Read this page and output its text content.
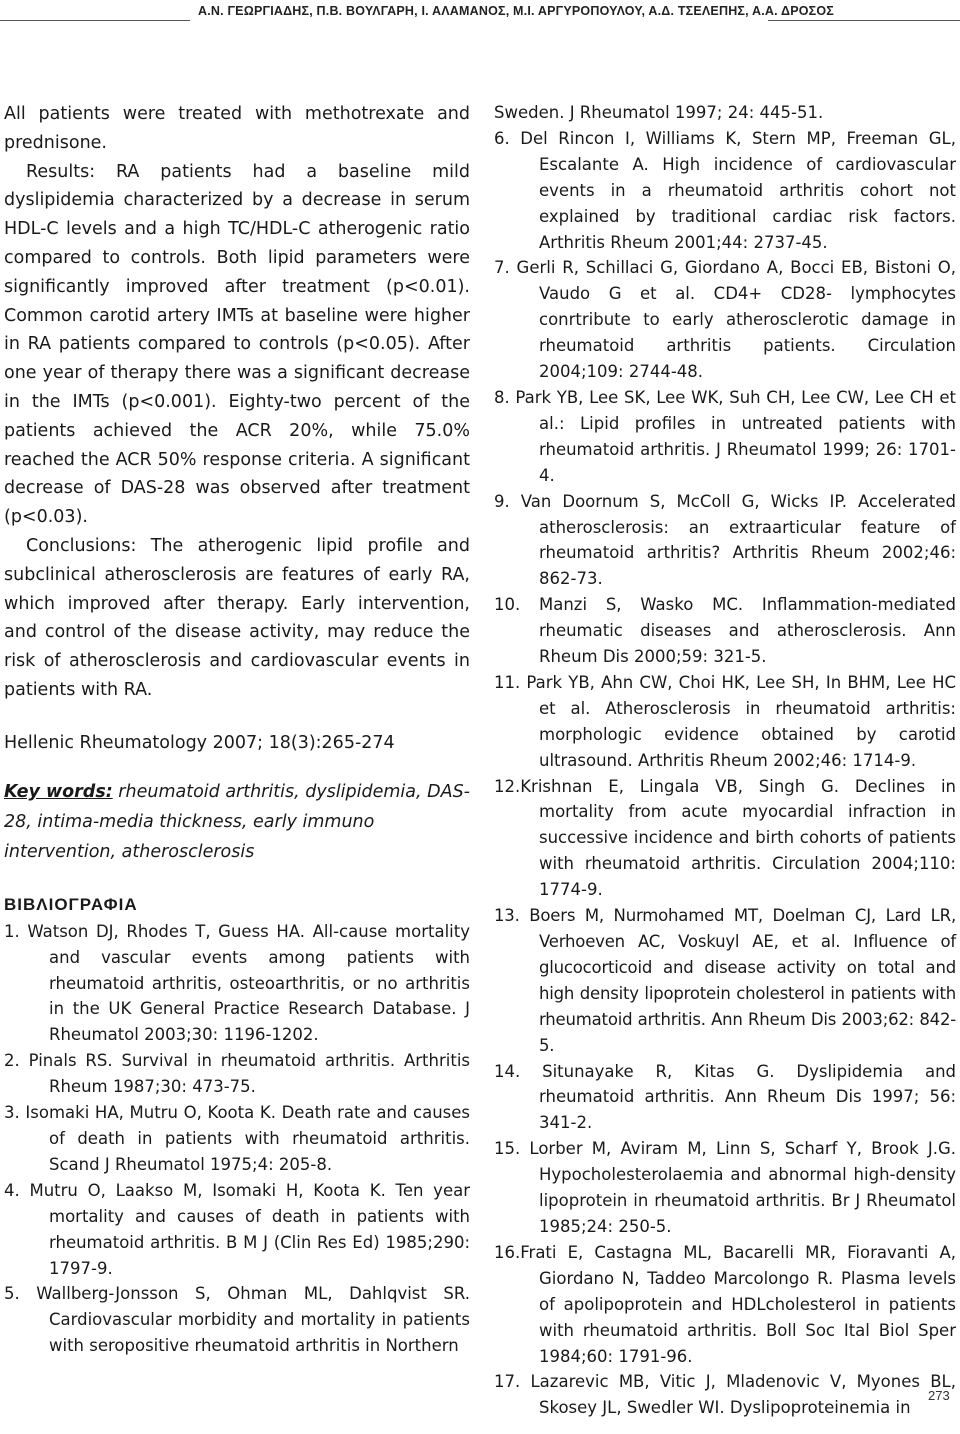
Α.Ν. ΓΕΩΡΓΙΑΔΗΣ, Π.Β. ΒΟΥΛΓΑΡΗ, Ι. ΑΛΑΜΑΝΟΣ, Μ.Ι. ΑΡΓΥΡΟΠΟΥΛΟΥ, Α.Δ. ΤΣΕΛΕΠΗΣ, Α.Α. ΔΡΟΣΟΣ

All patients were treated with methotrexate and prednisone.

Results: RA patients had a baseline mild dyslipidemia characterized by a decrease in serum HDL-C levels and a high TC/HDL-C atherogenic ratio compared to controls. Both lipid parameters were significantly improved after treatment (p<0.01). Common carotid artery IMTs at baseline were higher in RA patients compared to controls (p<0.05). After one year of therapy there was a significant decrease in the IMTs (p<0.001). Eighty-two percent of the patients achieved the ACR 20%, while 75.0% reached the ACR 50% response criteria. A significant decrease of DAS-28 was observed after treatment (p<0.03).

Conclusions: The atherogenic lipid profile and subclinical atherosclerosis are features of early RA, which improved after therapy. Early intervention, and control of the disease activity, may reduce the risk of atherosclerosis and cardiovascular events in patients with RA.

Hellenic Rheumatology 2007; 18(3):265-274
Key words: rheumatoid arthritis, dyslipidemia, DAS-28, intima-media thickness, early immuno intervention, atherosclerosis
ΒΙΒΛΙΟΓΡΑΦΙΑ
1. Watson DJ, Rhodes T, Guess HA. All-cause mortality and vascular events among patients with rheumatoid arthritis, osteoarthritis, or no arthritis in the UK General Practice Research Database. J Rheumatol 2003;30: 1196-1202.
2. Pinals RS. Survival in rheumatoid arthritis. Arthritis Rheum 1987;30: 473-75.
3. Isomaki HA, Mutru O, Koota K. Death rate and causes of death in patients with rheumatoid arthritis. Scand J Rheumatol 1975;4: 205-8.
4. Mutru O, Laakso M, Isomaki H, Koota K. Ten year mortality and causes of death in patients with rheumatoid arthritis. B M J (Clin Res Ed) 1985;290: 1797-9.
5. Wallberg-Jonsson S, Ohman ML, Dahlqvist SR. Cardiovascular morbidity and mortality in patients with seropositive rheumatoid arthritis in Northern
Sweden. J Rheumatol 1997; 24: 445-51.
6. Del Rincon I, Williams K, Stern MP, Freeman GL, Escalante A. High incidence of cardiovascular events in a rheumatoid arthritis cohort not explained by traditional cardiac risk factors. Arthritis Rheum 2001;44: 2737-45.
7. Gerli R, Schillaci G, Giordano A, Bocci EB, Bistoni O, Vaudo G et al. CD4+ CD28- lymphocytes conrtribute to early atherosclerotic damage in rheumatoid arthritis patients. Circulation 2004;109: 2744-48.
8. Park YB, Lee SK, Lee WK, Suh CH, Lee CW, Lee CH et al.: Lipid profiles in untreated patients with rheumatoid arthritis. J Rheumatol 1999; 26: 1701-4.
9. Van Doornum S, McColl G, Wicks IP. Accelerated atherosclerosis: an extraarticular feature of rheumatoid arthritis? Arthritis Rheum 2002;46: 862-73.
10. Manzi S, Wasko MC. Inflammation-mediated rheumatic diseases and atherosclerosis. Ann Rheum Dis 2000;59: 321-5.
11. Park YB, Ahn CW, Choi HK, Lee SH, In BHM, Lee HC et al. Atherosclerosis in rheumatoid arthritis: morphologic evidence obtained by carotid ultrasound. Arthritis Rheum 2002;46: 1714-9.
12.Krishnan E, Lingala VB, Singh G. Declines in mortality from acute myocardial infraction in successive incidence and birth cohorts of patients with rheumatoid arthritis. Circulation 2004;110: 1774-9.
13. Boers M, Nurmohamed MT, Doelman CJ, Lard LR, Verhoeven AC, Voskuyl AE, et al. Influence of glucocorticoid and disease activity on total and high density lipoprotein cholesterol in patients with rheumatoid arthritis. Ann Rheum Dis 2003;62: 842-5.
14. Situnayake R, Kitas G. Dyslipidemia and rheumatoid arthritis. Ann Rheum Dis 1997; 56: 341-2.
15. Lorber M, Aviram M, Linn S, Scharf Y, Brook J.G. Hypocholesterolaemia and abnormal high-density lipoprotein in rheumatoid arthritis. Br J Rheumatol 1985;24: 250-5.
16.Frati E, Castagna ML, Bacarelli MR, Fioravanti A, Giordano N, Taddeo Marcolongo R. Plasma levels of apolipoprotein and HDLcholesterol in patients with rheumatoid arthritis. Boll Soc Ital Biol Sper 1984;60: 1791-96.
17. Lazarevic MB, Vitic J, Mladenovic V, Myones BL, Skosey JL, Swedler WI. Dyslipoproteinemia in
273
